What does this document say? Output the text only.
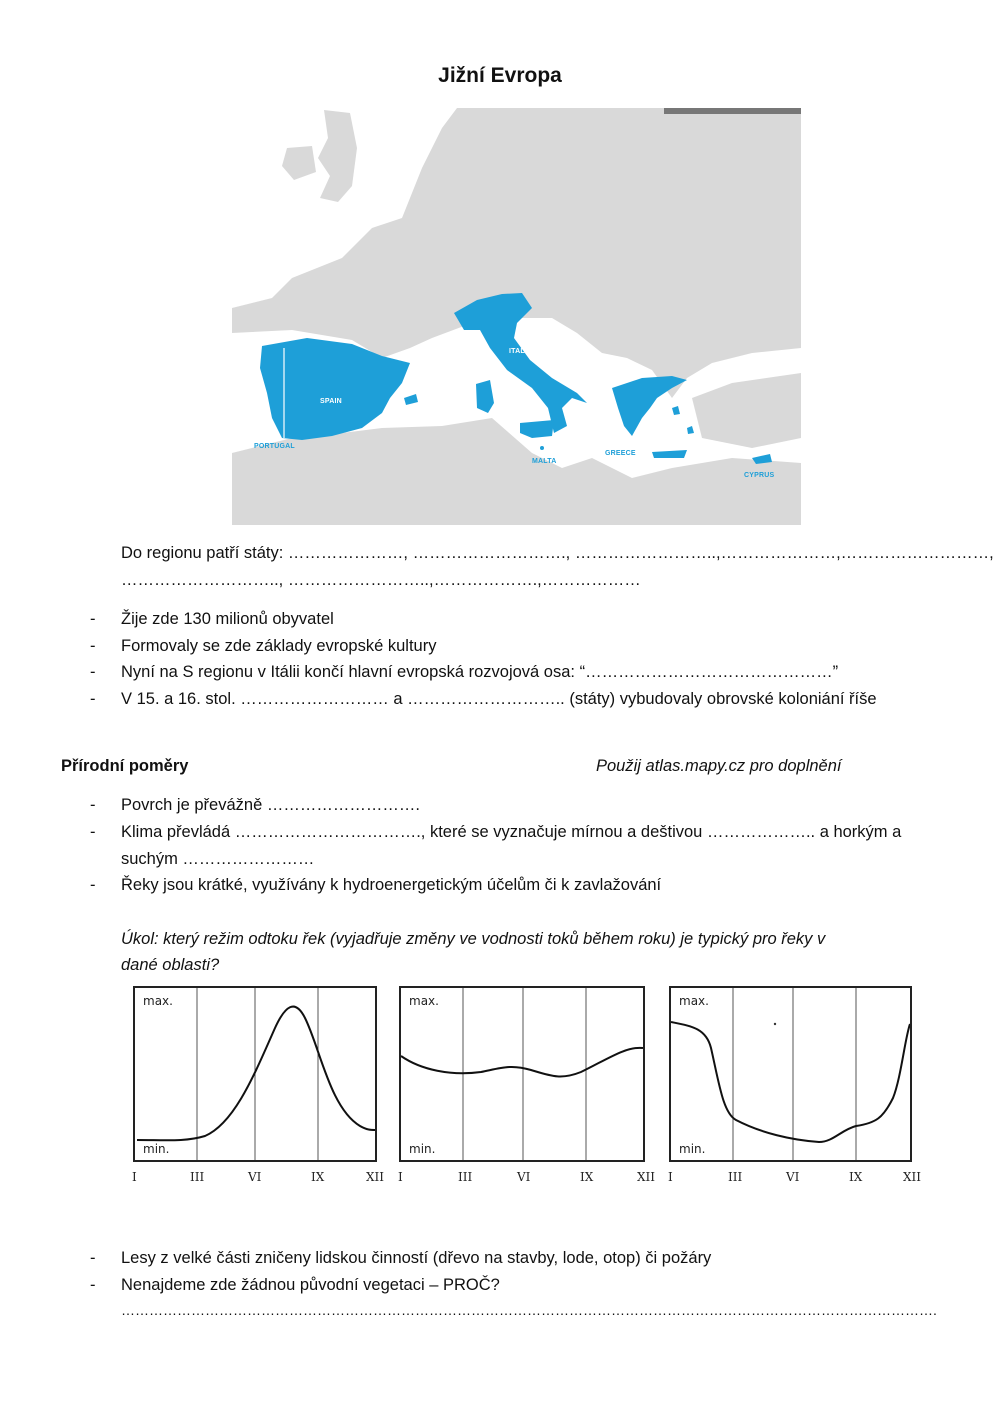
Jižní Evropa
ITALY
SPAIN
PORTUGAL
MALTA
GREECE
CYPRUS
Do regionu patří státy: …………………, ………………………., ……………………..,…………………,………………………,
……………………….., ……………………..,……………….,………………
- Žije zde 130 milionů obyvatel
- Formovaly se zde základy evropské kultury
- Nyní na S regionu v Itálii končí hlavní evropská rozvojová osa: “………………………………………”
- V 15. a 16. stol. ……………………… a ……………………….. (státy) vybudovaly obrovské koloniání říše
Přírodní poměry	Použij atlas.mapy.cz pro doplnění
- Povrch je převážně ……………………….
- Klima převládá ……………………………., které se vyznačuje mírnou a deštivou ……………….. a horkým a
suchým ……………………
- Řeky jsou krátké, využívány k hydroenergetickým účelům či k zavlažování
Úkol: který režim odtoku řek (vyjadřuje změny ve vodnosti toků během roku) je typický pro řeky v
dané oblasti?
max.
min.
max.
min.
max.
min.
I	III	VI	IX	XII I	III	VI	IX	XII I	III	VI	IX	XII
- Lesy z velké části zničeny lidskou činností (dřevo na stavby, lode, otop) či požáry
- Nenajdeme zde žádnou původní vegetaci – PROČ?
………………………………………………………………………………………………………………………………………………………….
